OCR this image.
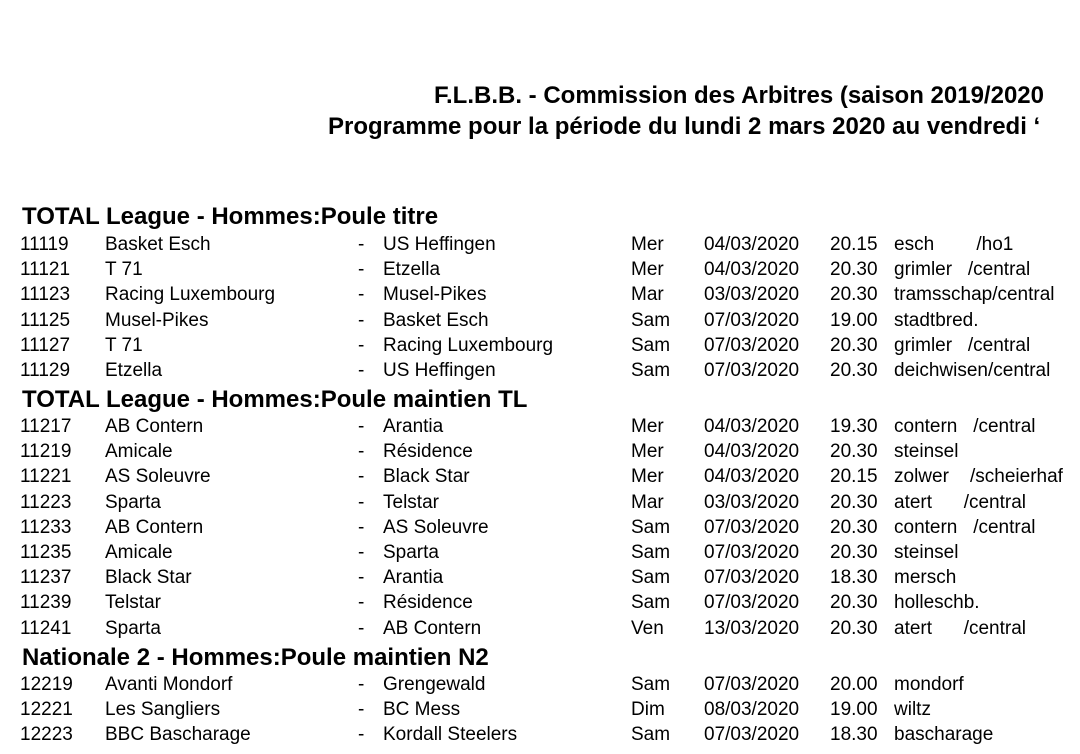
F.L.B.B. - Commission des Arbitres (saison 2019/2020
Programme pour la période du lundi 2 mars 2020 au vendredi ‘
TOTAL League - Hommes:Poule titre
11119 Basket Esch	- US Heffingen	Mer 04/03/2020 20.15 esch        /ho1
11121 T 71	- Etzella	Mer 04/03/2020 20.30 grimler   /central
11123 Racing Luxembourg	- Musel-Pikes	Mar 03/03/2020 20.30 tramsschap/central
11125 Musel-Pikes	- Basket Esch	Sam 07/03/2020 19.00 stadtbred.
11127 T 71	- Racing Luxembourg	Sam 07/03/2020 20.30 grimler   /central
11129 Etzella	- US Heffingen	Sam 07/03/2020 20.30 deichwisen/central
TOTAL League - Hommes:Poule maintien TL
11217 AB Contern	- Arantia	Mer 04/03/2020 19.30 contern   /central
11219 Amicale	- Résidence	Mer 04/03/2020 20.30 steinsel
11221 AS Soleuvre	- Black Star	Mer 04/03/2020 20.15 zolwer    /scheierhaf
11223 Sparta	- Telstar	Mar 03/03/2020 20.30 atert      /central
11233 AB Contern	- AS Soleuvre	Sam 07/03/2020 20.30 contern   /central
11235 Amicale	- Sparta	Sam 07/03/2020 20.30 steinsel
11237 Black Star	- Arantia	Sam 07/03/2020 18.30 mersch
11239 Telstar	- Résidence	Sam 07/03/2020 20.30 holleschb.
11241 Sparta	- AB Contern	Ven 13/03/2020 20.30 atert      /central
Nationale 2 - Hommes:Poule maintien N2
12219 Avanti Mondorf	- Grengewald	Sam 07/03/2020 20.00 mondorf
12221 Les Sangliers	- BC Mess	Dim 08/03/2020 19.00 wiltz
12223 BBC Bascharage	- Kordall Steelers	Sam 07/03/2020 18.30 bascharage
